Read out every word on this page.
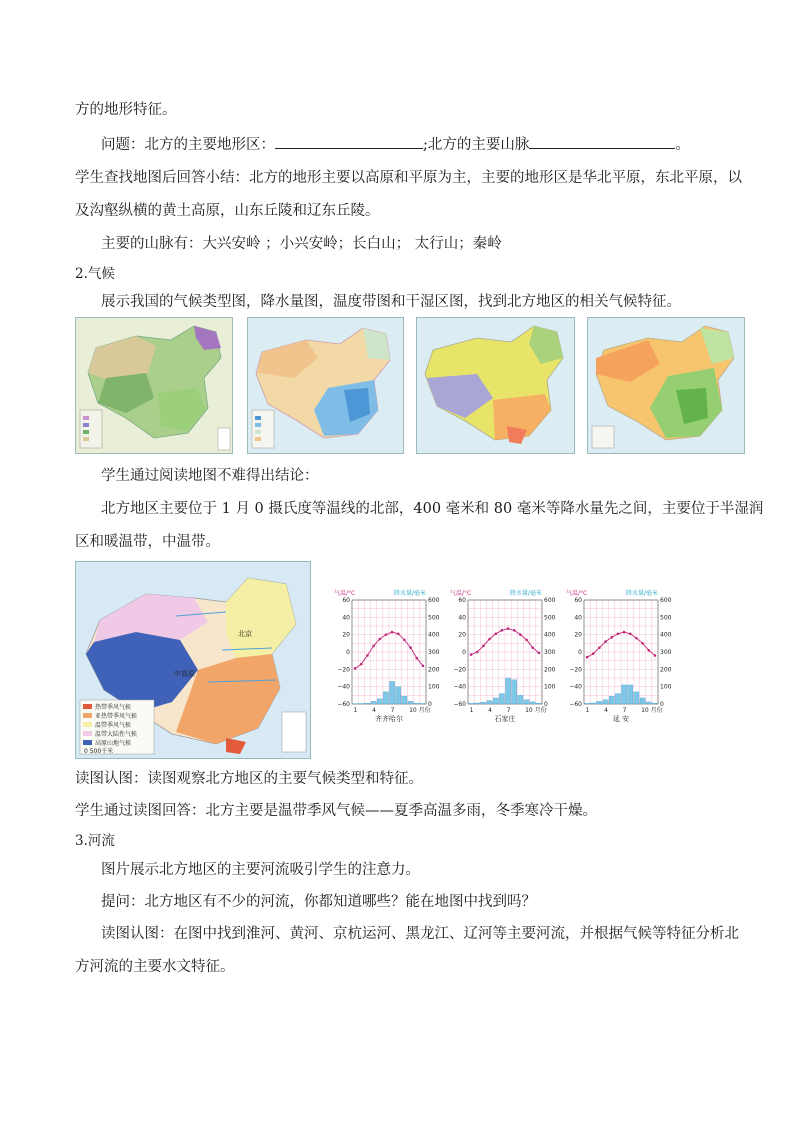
方的地形特征。
问题：北方的主要地形区：	;北方的主要山脉	。
学生查找地图后回答小结：北方的地形主要以高原和平原为主，主要的地形区是华北平原，东北平原，以
及沟壑纵横的黄土高原，山东丘陵和辽东丘陵。
主要的山脉有：大兴安岭 ；小兴安岭；长白山； 太行山；秦岭
2.气候
展示我国的气候类型图，降水量图，温度带图和干湿区图，找到北方地区的相关气候特征。
学生通过阅读地图不难得出结论：
北方地区主要位于 1 月 0 摄氏度等温线的北部，400 毫米和 80 毫米等降水量先之间，主要位于半湿润
区和暖温带，中温带。
中高原
北京
热带季风气候
亚热带季风气候
温带季风气候
温带大陆性气候
高原山地气候
0 500千米
气温/°C	降水量/毫米
60
40
20
0
−20
−40
−60
600
500
400
300
200
100
0
1 4 7 10 月份
齐齐哈尔
气温/°C	降水量/毫米
60
40
20
0
−20
−40
−60
600
500
400
300
200
100
0
1 4 7 10 月份
石家庄
气温/°C	降水量/毫米
60
40
20
0
−20
−40
−60
600
500
400
300
200
100
0
1 4 7 10 月份
延 安
读图认图：读图观察北方地区的主要气候类型和特征。
学生通过读图回答：北方主要是温带季风气候——夏季高温多雨，冬季寒冷干燥。
3.河流
图片展示北方地区的主要河流吸引学生的注意力。
提问：北方地区有不少的河流，你都知道哪些？能在地图中找到吗？
读图认图：在图中找到淮河、黄河、京杭运河、黑龙江、辽河等主要河流，并根据气候等特征分析北
方河流的主要水文特征。
